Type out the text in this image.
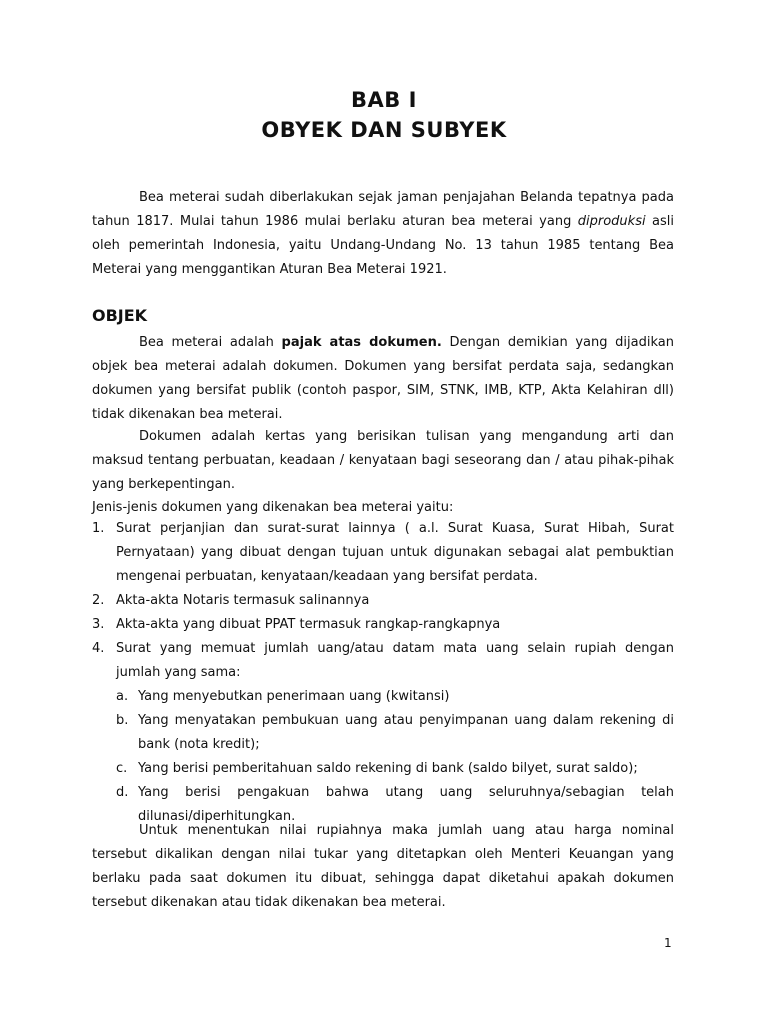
BAB I
OBYEK DAN SUBYEK

Bea meterai sudah diberlakukan sejak jaman penjajahan Belanda tepatnya pada tahun 1817. Mulai tahun 1986 mulai berlaku aturan bea meterai yang diproduksi asli oleh pemerintah Indonesia, yaitu Undang-Undang No. 13 tahun 1985 tentang Bea Meterai yang menggantikan Aturan Bea Meterai 1921.

OBJEK

Bea meterai adalah pajak atas dokumen. Dengan demikian yang dijadikan objek bea meterai adalah dokumen. Dokumen yang bersifat perdata saja, sedangkan dokumen yang bersifat publik (contoh paspor, SIM, STNK, IMB, KTP, Akta Kelahiran dll) tidak dikenakan bea meterai.

Dokumen adalah kertas yang berisikan tulisan yang mengandung arti dan maksud tentang perbuatan, keadaan / kenyataan bagi seseorang dan / atau pihak-pihak yang berkepentingan.

Jenis-jenis dokumen yang dikenakan bea meterai yaitu:

1. Surat perjanjian dan surat-surat lainnya ( a.l. Surat Kuasa, Surat Hibah, Surat Pernyataan) yang dibuat dengan tujuan untuk digunakan sebagai alat pembuktian mengenai perbuatan, kenyataan/keadaan yang bersifat perdata.
2. Akta-akta Notaris termasuk salinannya
3. Akta-akta yang dibuat PPAT termasuk rangkap-rangkapnya
4. Surat yang memuat jumlah uang/atau datam mata uang selain rupiah dengan jumlah yang sama:
a. Yang menyebutkan penerimaan uang (kwitansi)
b. Yang menyatakan pembukuan uang atau penyimpanan uang dalam rekening di bank (nota kredit);
c. Yang berisi pemberitahuan saldo rekening di bank (saldo bilyet, surat saldo);
d. Yang berisi pengakuan bahwa utang uang seluruhnya/sebagian telah dilunasi/diperhitungkan.

Untuk menentukan nilai rupiahnya maka jumlah uang atau harga nominal tersebut dikalikan dengan nilai tukar yang ditetapkan oleh Menteri Keuangan yang berlaku pada saat dokumen itu dibuat, sehingga dapat diketahui apakah dokumen tersebut dikenakan atau tidak dikenakan bea meterai.

1
